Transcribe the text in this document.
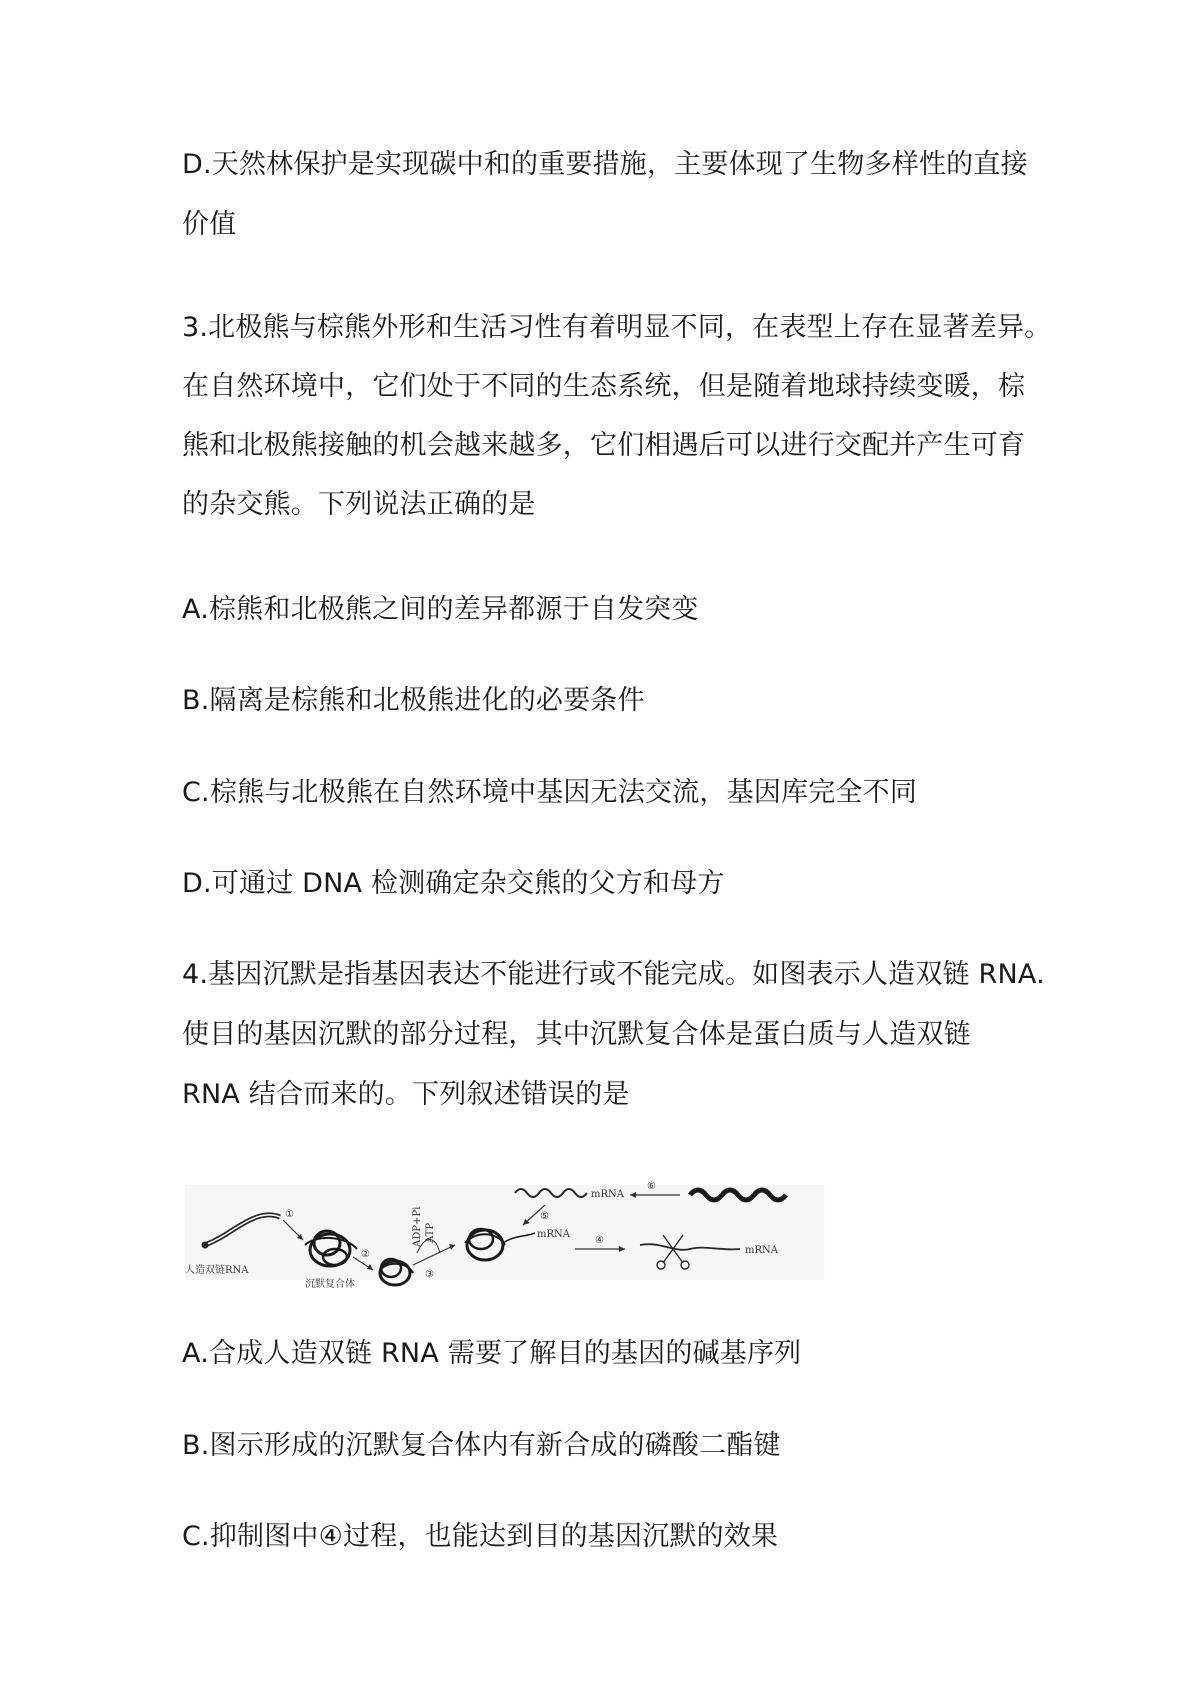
D.天然林保护是实现碳中和的重要措施，主要体现了生物多样性的直接
价值
3.北极熊与棕熊外形和生活习性有着明显不同，在表型上存在显著差异。
在自然环境中，它们处于不同的生态系统，但是随着地球持续变暖，棕
熊和北极熊接触的机会越来越多，它们相遇后可以进行交配并产生可育
的杂交熊。下列说法正确的是
A.棕熊和北极熊之间的差异都源于自发突变
B.隔离是棕熊和北极熊进化的必要条件
C.棕熊与北极熊在自然环境中基因无法交流，基因库完全不同
D.可通过 DNA 检测确定杂交熊的父方和母方
4.基因沉默是指基因表达不能进行或不能完成。如图表示人造双链 RNA.
使目的基因沉默的部分过程，其中沉默复合体是蛋白质与人造双链
RNA 结合而来的。下列叙述错误的是
人造双链RNA
①
沉默复合体
②
③
ADP+Pi ATP	mRNA
mRNA
⑤
⑥
④
mRNA
A.合成人造双链 RNA 需要了解目的基因的碱基序列
B.图示形成的沉默复合体内有新合成的磷酸二酯键
C.抑制图中④过程，也能达到目的基因沉默的效果
